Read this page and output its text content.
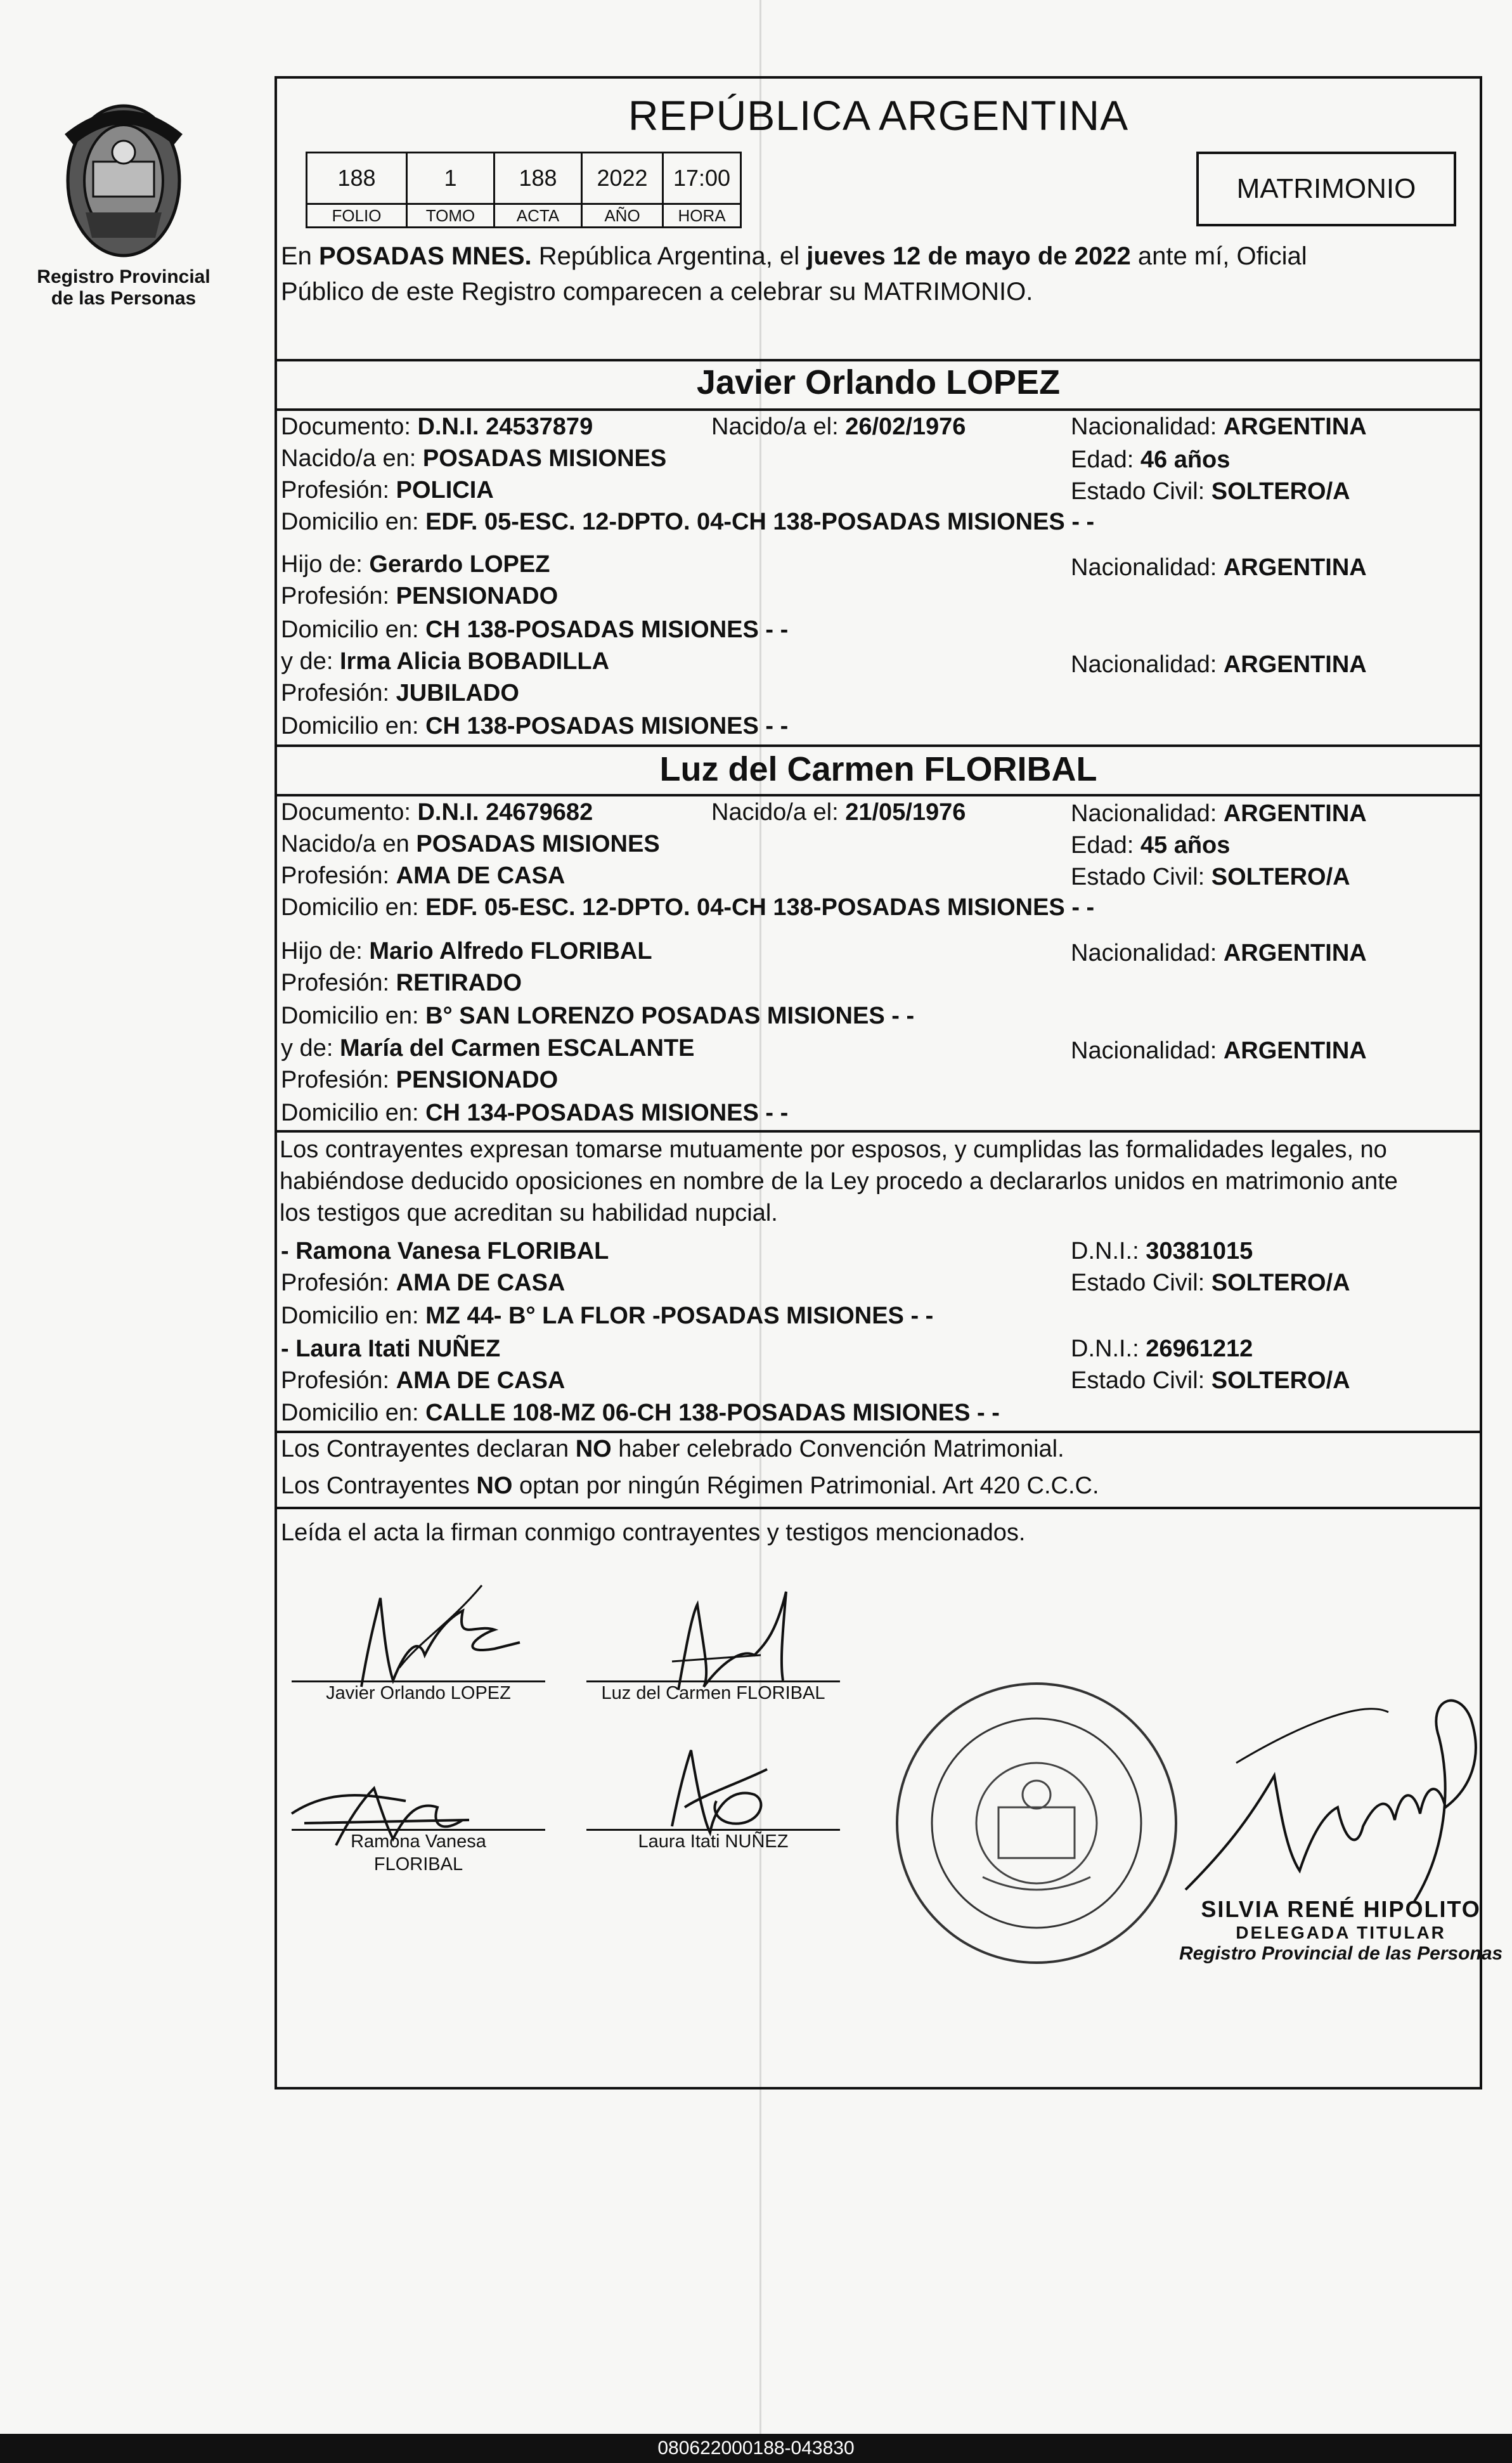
Registro Provincial
de las Personas
REPÚBLICA ARGENTINA
188	1	188	2022	17:00
FOLIO	TOMO	ACTA	AÑO	HORA
MATRIMONIO
En POSADAS MNES. República Argentina, el jueves 12 de mayo de 2022 ante mí, Oficial
Público de este Registro comparecen a celebrar su MATRIMONIO.
Javier Orlando LOPEZ
Documento: D.N.I. 24537879	Nacido/a el: 26/02/1976	Nacionalidad: ARGENTINA
Nacido/a en: POSADAS MISIONES	Edad: 46 años
Profesión: POLICIA	Estado Civil: SOLTERO/A
Domicilio en: EDF. 05-ESC. 12-DPTO. 04-CH 138-POSADAS MISIONES - -
Hijo de: Gerardo LOPEZ	Nacionalidad: ARGENTINA
Profesión: PENSIONADO
Domicilio en: CH 138-POSADAS MISIONES - -
y de: Irma Alicia BOBADILLA	Nacionalidad: ARGENTINA
Profesión: JUBILADO
Domicilio en: CH 138-POSADAS MISIONES - -
Luz del Carmen FLORIBAL
Documento: D.N.I. 24679682	Nacido/a el: 21/05/1976	Nacionalidad: ARGENTINA
Nacido/a en POSADAS MISIONES	Edad: 45 años
Profesión: AMA DE CASA	Estado Civil: SOLTERO/A
Domicilio en: EDF. 05-ESC. 12-DPTO. 04-CH 138-POSADAS MISIONES - -
Hijo de: Mario Alfredo FLORIBAL	Nacionalidad: ARGENTINA
Profesión: RETIRADO
Domicilio en: B° SAN LORENZO POSADAS MISIONES - -
y de: María del Carmen ESCALANTE	Nacionalidad: ARGENTINA
Profesión: PENSIONADO
Domicilio en: CH 134-POSADAS MISIONES - -
Los contrayentes expresan tomarse mutuamente por esposos, y cumplidas las formalidades legales, no
habiéndose deducido oposiciones en nombre de la Ley procedo a declararlos unidos en matrimonio ante
los testigos que acreditan su habilidad nupcial.
- Ramona Vanesa FLORIBAL	D.N.I.: 30381015
Profesión: AMA DE CASA	Estado Civil: SOLTERO/A
Domicilio en: MZ 44- B° LA FLOR -POSADAS MISIONES - -
- Laura Itati NUÑEZ	D.N.I.: 26961212
Profesión: AMA DE CASA	Estado Civil: SOLTERO/A
Domicilio en: CALLE 108-MZ 06-CH 138-POSADAS MISIONES - -
Los Contrayentes declaran NO haber celebrado Convención Matrimonial.
Los Contrayentes NO optan por ningún Régimen Patrimonial. Art 420 C.C.C.
Leída el acta la firman conmigo contrayentes y testigos mencionados.
Javier Orlando LOPEZ	Luz del Carmen FLORIBAL
Ramona Vanesa
FLORIBAL
Laura Itati NUÑEZ
SILVIA RENÉ HIPOLITO
DELEGADA TITULAR
Registro Provincial de las Personas
080622000188-043830
